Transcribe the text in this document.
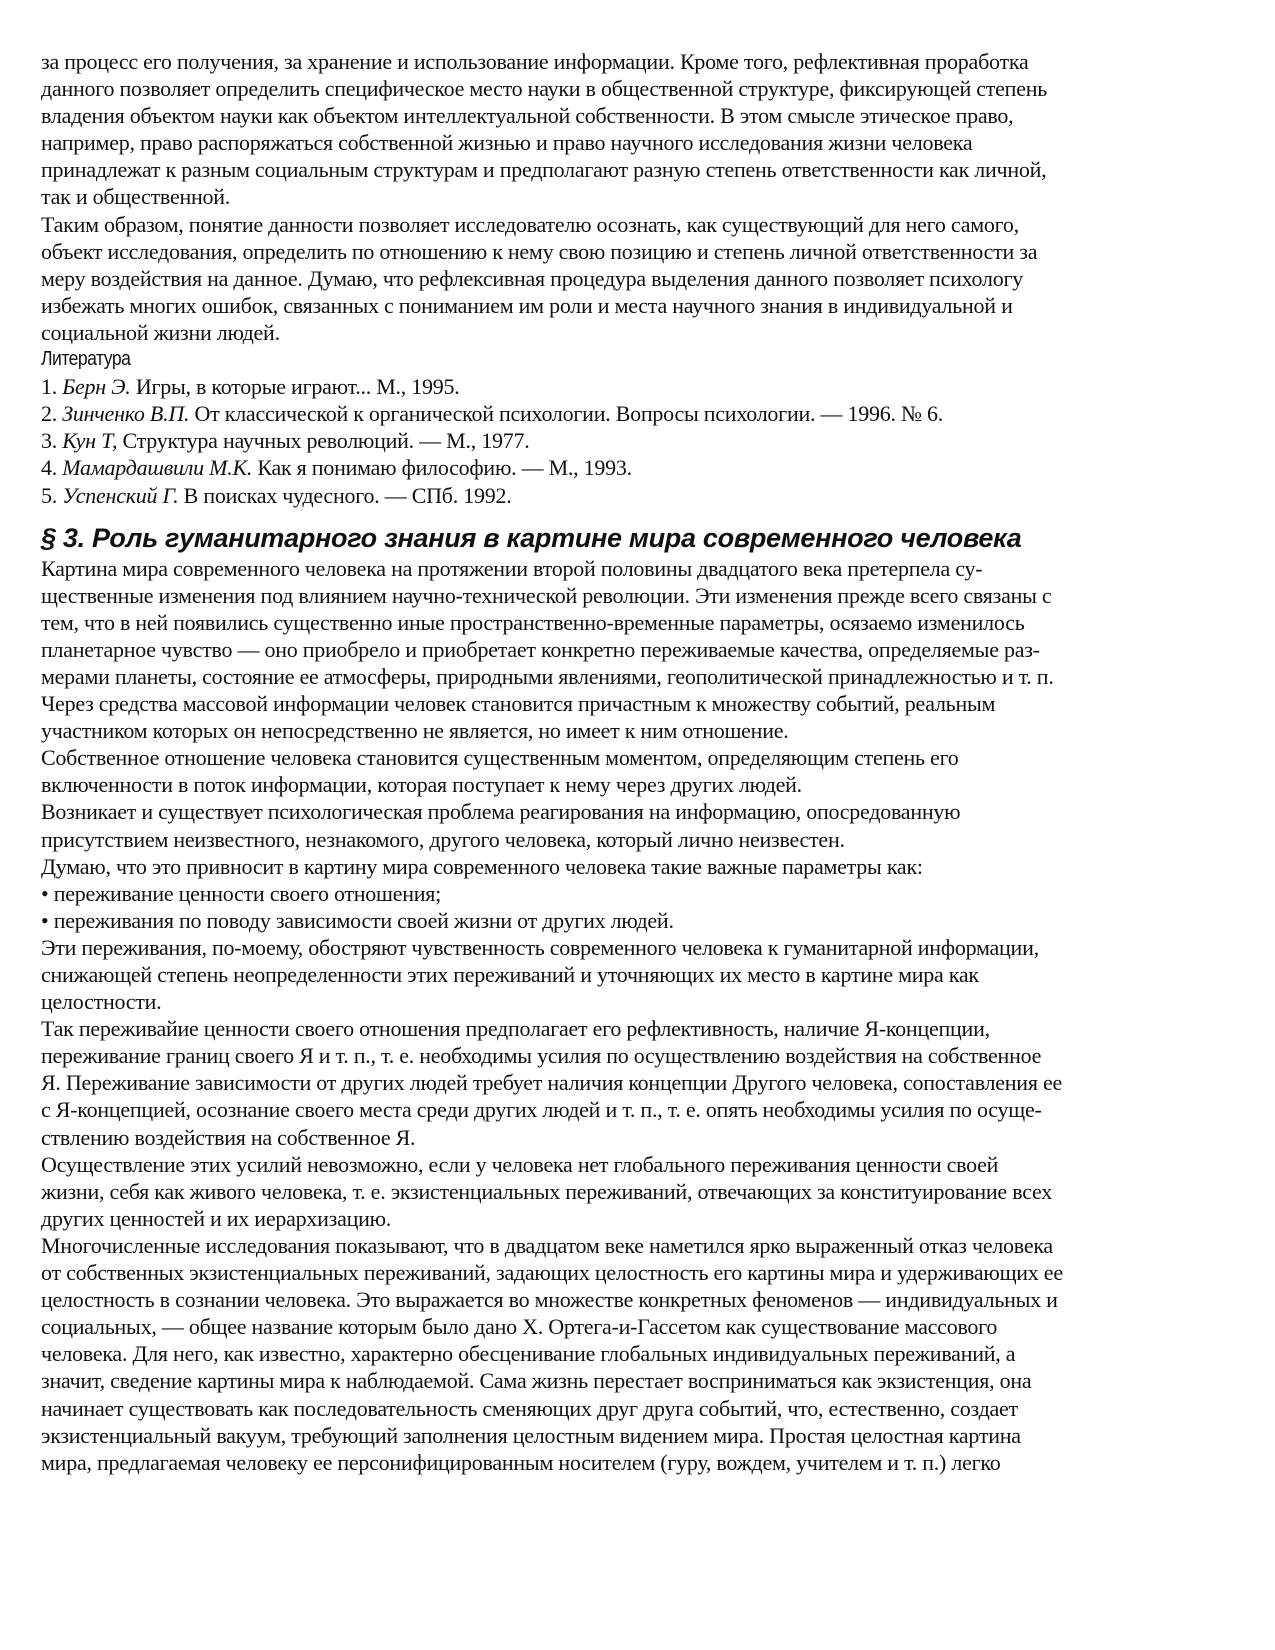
за процесс его получения, за хранение и использование информации. Кроме того, рефлективная проработка
данного позволяет определить специфическое место науки в общественной структуре, фиксирующей степень
владения объектом науки как объектом интеллектуальной собственности. В этом смысле этическое право,
например, право распоряжаться собственной жизнью и право научного исследования жизни человека
принадлежат к разным социальным структурам и предполагают разную степень ответственности как личной,
так и общественной.
Таким образом, понятие данности позволяет исследователю осознать, как существующий для него самого,
объект исследования, определить по отношению к нему свою позицию и степень личной ответственности за
меру воздействия на данное. Думаю, что рефлексивная процедура выделения данного позволяет психологу
избежать многих ошибок, связанных с пониманием им роли и места научного знания в индивидуальной и
социальной жизни людей.
Литература
1. Берн Э. Игры, в которые играют... М., 1995.
2. Зинченко В.П. От классической к органической психологии. Вопросы психологии. — 1996. № 6.
3. Кун Т, Структура научных революций. — М., 1977.
4. Мамардашвили М.К. Как я понимаю философию. — М., 1993.
5. Успенский Г. В поисках чудесного. — СПб. 1992.
§ 3. Роль гуманитарного знания в картине мира современного человека
Картина мира современного человека на протяжении второй половины двадцатого века претерпела су-
щественные изменения под влиянием научно-технической революции. Эти изменения прежде всего связаны с
тем, что в ней появились существенно иные пространственно-временные параметры, осязаемо изменилось
планетарное чувство — оно приобрело и приобретает конкретно переживаемые качества, определяемые раз-
мерами планеты, состояние ее атмосферы, природными явлениями, геополитической принадлежностью и т. п.
Через средства массовой информации человек становится причастным к множеству событий, реальным
участником которых он непосредственно не является, но имеет к ним отношение.
Собственное отношение человека становится существенным моментом, определяющим степень его
включенности в поток информации, которая поступает к нему через других людей.
Возникает и существует психологическая проблема реагирования на информацию, опосредованную
присутствием неизвестного, незнакомого, другого человека, который лично неизвестен.
Думаю, что это привносит в картину мира современного человека такие важные параметры как:
• переживание ценности своего отношения;
• переживания по поводу зависимости своей жизни от других людей.
Эти переживания, по-моему, обостряют чувственность современного человека к гуманитарной информации,
снижающей степень неопределенности этих переживаний и уточняющих их место в картине мира как
целостности.
Так переживайие ценности своего отношения предполагает его рефлективность, наличие Я-концепции,
переживание границ своего Я и т. п., т. е. необходимы усилия по осуществлению воздействия на собственное
Я. Переживание зависимости от других людей требует наличия концепции Другого человека, сопоставления ее
с Я-концепцией, осознание своего места среди других людей и т. п., т. е. опять необходимы усилия по осуще-
ствлению воздействия на собственное Я.
Осуществление этих усилий невозможно, если у человека нет глобального переживания ценности своей
жизни, себя как живого человека, т. е. экзистенциальных переживаний, отвечающих за конституирование всех
других ценностей и их иерархизацию.
Многочисленные исследования показывают, что в двадцатом веке наметился ярко выраженный отказ человека
от собственных экзистенциальных переживаний, задающих целостность его картины мира и удерживающих ее
целостность в сознании человека. Это выражается во множестве конкретных феноменов — индивидуальных и
социальных, — общее название которым было дано X. Ортега-и-Гассетом как существование массового
человека. Для него, как известно, характерно обесценивание глобальных индивидуальных переживаний, а
значит, сведение картины мира к наблюдаемой. Сама жизнь перестает восприниматься как экзистенция, она
начинает существовать как последовательность сменяющих друг друга событий, что, естественно, создает
экзистенциальный вакуум, требующий заполнения целостным видением мира. Простая целостная картина
мира, предлагаемая человеку ее персонифицированным носителем (гуру, вождем, учителем и т. п.) легко
